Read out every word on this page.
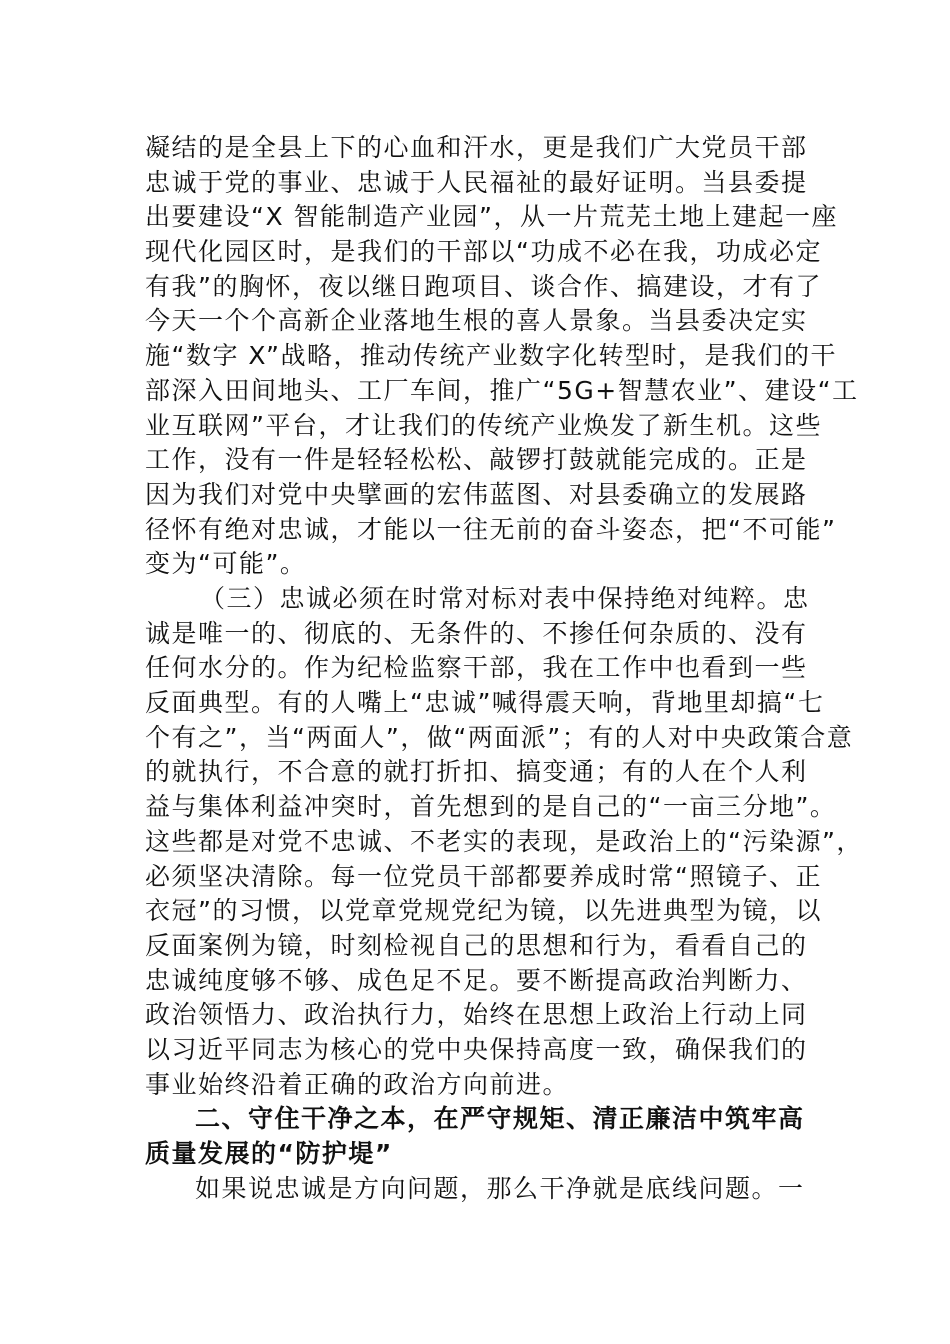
凝结的是全县上下的心血和汗水，更是我们广大党员干部
忠诚于党的事业、忠诚于人民福祉的最好证明。当县委提
出要建设“X 智能制造产业园”，从一片荒芜土地上建起一座
现代化园区时，是我们的干部以“功成不必在我，功成必定
有我”的胸怀，夜以继日跑项目、谈合作、搞建设，才有了
今天一个个高新企业落地生根的喜人景象。当县委决定实
施“数字 X”战略，推动传统产业数字化转型时，是我们的干
部深入田间地头、工厂车间，推广“5G+智慧农业”、建设“工
业互联网”平台，才让我们的传统产业焕发了新生机。这些
工作，没有一件是轻轻松松、敲锣打鼓就能完成的。正是
因为我们对党中央擘画的宏伟蓝图、对县委确立的发展路
径怀有绝对忠诚，才能以一往无前的奋斗姿态，把“不可能”
变为“可能”。
（三）忠诚必须在时常对标对表中保持绝对纯粹。忠
诚是唯一的、彻底的、无条件的、不掺任何杂质的、没有
任何水分的。作为纪检监察干部，我在工作中也看到一些
反面典型。有的人嘴上“忠诚”喊得震天响，背地里却搞“七
个有之”，当“两面人”，做“两面派”；有的人对中央政策合意
的就执行，不合意的就打折扣、搞变通；有的人在个人利
益与集体利益冲突时，首先想到的是自己的“一亩三分地”。
这些都是对党不忠诚、不老实的表现，是政治上的“污染源”，
必须坚决清除。每一位党员干部都要养成时常“照镜子、正
衣冠”的习惯，以党章党规党纪为镜，以先进典型为镜，以
反面案例为镜，时刻检视自己的思想和行为，看看自己的
忠诚纯度够不够、成色足不足。要不断提高政治判断力、
政治领悟力、政治执行力，始终在思想上政治上行动上同
以习近平同志为核心的党中央保持高度一致，确保我们的
事业始终沿着正确的政治方向前进。
二、守住干净之本，在严守规矩、清正廉洁中筑牢高
质量发展的“防护堤”
如果说忠诚是方向问题，那么干净就是底线问题。一
